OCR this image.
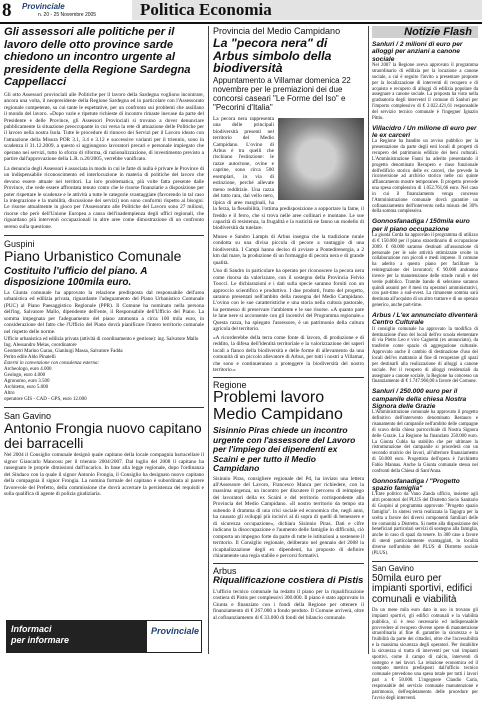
8 Provinciale
n. 20 - 25 Novembre 2005	Politica Economia
Gli assessori alle politiche per il lavoro delle otto province sarde chiedono un incontro urgente al presidente della Regione Sardegna Cappellacci
Gli otto Assessori provinciali alle Politiche per il lavoro della Sardegna vogliono incontrare, ancora una volta, il neopresidente della Regione Sardegna ed in particolare con l'Assessorato regionale competente, su cui tante le espettative, per un confronto sui problemi che assillano il mondo del lavoro. «Dopo varie e ripetute richieste di incontro rimaste inevase da parte del Presidente e delle Province, gli Assessori Provinciali si trovano a dover denunciare pubblicamente la situazione preoccupante in cui versa la rete di attuazione delle Politiche per il lavoro nella nostra Isola. Tutte le procedure di rinnovo dei Servizi per il Lavoro ideato con l'attuazione della Misura POR 3.1, 3.4 e 3.12 e successive varianti per il triennio, sono in scadenza il 31.12.2009, a questo si aggiungono lavoratori precari e personale impiegato che operano nei servizi, tutto lo sforzo di riforma, di razionalizzazione, di investimento previsto a partire dall'approvazione della L.R. n.20/2005, verrebbe vanificato.
La denuncia degli Assessori è associata in modo in cui le fatte di nulla è privare le Province di un indispensabile riconoscimento ed interlocuzione in materia di politiche del lavoro che devono essere attuate nei territori. La loro problematica, più volte fatta presente dalle Province, che vede essere affrontata tenuto conto che le risorse finanziarie a disposizione per poter rispettare le scadenze e le attività a tutte le categorie svantaggiate (favorendo in tal caso la integrazione e la mobilità, discussione dei servizi) non sono conformi rispetto ai bisogni. Le risorse attualmente in gioco per l'Assessorato alle Politiche del Lavoro sono 27 milioni, risorse che però dell'Unione Europea a causa dell'inadempienza degli uffici regionali, che riguardano più interventi occupazionali in altre aree come dimostrazione di un confronto sereno sulla questione.
Guspini
Piano Urbanistico Comunale
Costituito l'ufficio del piano. A disposizione 100mila euro.
La Giunta comunale ha approvato la relazione predisposta dal responsabile dell'area urbanistica ed edilizia privata, riguardante l'adeguamento del Piano Urbanistico Comunale (PUC) al Piano Paesaggistico Regionale (PPR). Il Comune ha nominato nella persona dell'ing. Salvatore Mallo, dipendente dell'ente, il Responsabile dell'Ufficio del Piano. La somma impegnata per l'adeguamento del piano ammonta a circa 100 mila euro, in considerazione del fatto che l'Ufficio del Piano dovrà pianificare l'intero territorio comunale nel rispetto delle norme.
Ufficio urbanistica ed edilizia privata (attività di coordinamento e gestione): ing. Salvatore Mallo
Ing. Alessandro Melas, coordinatore
Geometri Marino Garau, Gianluigi Massa, Salvatore Fadda
Perito edile Aldo Pinatelli
Esterni in convenzione con consulenza esterna:
Archeologo, euro 4.000
Geologo, euro 4.000
Agronomo, euro 3.500
Architetto, euro 5.000
Altro
operatore GIS - CAD - GPS, euro 12.000
San Gavino
Antonio Frongia nuovo capitano dei barracelli
Nel 2004 il Consiglio comunale designò quale capitano della locale compagnia barracellare il signor Giancarlo Mancosu per il triennio 2004/2007. Dal luglio del 2008 il capitano ha rassegnato le proprie dimissioni dall'incarico. In base alla legge regionale, dopo l'ordinanza del Sindaco con la quale il signor Antonio Frongia, il Consiglio ha designato nuovo capitano della compagnia il signor Frongia. La nomina formale del capitano è subordinata al parere favorevole del Prefetto, della commissione che dovrà accertare la persistenza dei requisiti e sulla qualifica di agente di polizia giudiziaria.
Informaci
per informare
Provinciale
Provincia del Medio Campidano
La "pecora nera" di Arbus simbolo della biodiversità
Appuntamento a Villamar domenica 22 novembre per le premiazioni dei due concorsi caseari "Le Forme del Iso" e "Pecorini d'Italia"
La pecora nera rappresenta una delle principali biodiversità presenti nel territorio del Medio Campidano. L'ovino di Arbus è tra quelli che rischiano l'estinzione: le razze autoctone, ovine e caprine, sono circa 500 esemplari, in via di estinzione, perché allevate meno redditizie. Una razza del tutto rara, dal vello nero, tipica di aree marginali, ha la ferza, la flessibilità, l'ottima predisposizione a sopportare la fame, il freddo e il ferro, che si trova nelle aree collinari e montane. Le sue capacità di resistenza, la frugalità e la rusticità ne fanno un modello di biodiversità da tutelare.
Museo e Sandro Lampis di Arbus insegna che la tradizione rurale condotta su una divisa piccola di pecore a vantaggio di una biodiversità. I Campi hanno deciso di avviare a Pontedirenergia, a 2 km dal mare, la produzione di un formaggio di pecora nera e di grande qualità.
Uno di Sandro in particolare ha operato per riconoscere la pecora nera come risorsa da valorizzare, con il sostegno della Provincia Felvio Toocci. Le dichiarazioni e i dati sulla specie saranno forniti con un approccio scientifico e produttivo. I due prodotti, frutto del progetto, saranno presentati nell'ambito della rassegna del Medio Campidano. L'ovino con le sue caratteristiche e una storia nella cultura pastorale, ha permesso di preservare l'ambiente e le sue risorse. «A quanto pare le lane nere si acconsente con gli incentivi del Programma regionale.» Questa razza, ha spiegato l'assessore, è un patrimonio della cultura agricola del territorio.
«A ricorderebbe della terra come fonte di lavoro, di produzione e di reddito, la difesa dell'identità territoriale e la valorizzazione dei saperi locali a fianco della biodiversità e delle forme di allevamento da una comunità di un piccolo allevatore di Arbus, per tutti i nostri a Villamar, che sono e continueranno a proteggere la biodiversità del nostro territorio.»
Regione
Problemi lavoro Medio Campidano
Sisinnio Piras chiede un incontro urgente con l'assessore del Lavoro per l'impiego dei dipendenti ex Scaini e per tutto il Medio Campidano
Sisinnio Piras, consigliere regionale del Pd, ha inviato una lettera all'Assessore del Lavoro, Francesco Manca per richiedere, con la massima urgenza, un incontro per discutere il percorso di reimpiego dei lavoratori della ex Scaini e del territorio corrispondente alla Provincia del Medio Campidano. «Il nostro territorio da tempo sta subendo il dramma di una crisi sociale ed economica che, negli anni, ha causato gli sviluppi più incisivi al di sopra di quelli di benessere e di sicurezza occupazione», dichiara Sisinnio Piras. Dati e cifre indicano la disoccupazione e l'aumento delle famiglie in difficoltà, ciò comporta un impegno forte da parte di tutte le istituzioni a sostenere il territorio. Il Consiglio regionale, deliberato nel gennaio del 2008 la ricapitalizzazione degli ex dipendenti, ha proposto di definire chiaramente una regia stabile e percorsi formativi.
Arbus
Riqualificazione costiera di Pistis
L'ufficio tecnico comunale ha redatto il piano per la riqualificazione costiera di Pistis per complessivi 300.000. Il piano è stato approvato in Giunta e finanziato con i fondi della Regione per ottenere il finanziamento di € 267.000 a fondo perduto. Il Comune arriverà, oltre al cofinanziamento di € 33.000 di fondi del bilancio comunale.
Notizie Flash
Sanluri / 2 milioni di euro per alloggi per anziani a canone sociale
Nel 2007 la Regione aveva approvato il programma straordinario di edilizia per la locazione a canone sociale, a cui è seguito l'invito a presentare proposte per la localizzazione di interventi di recupero e di acquisto e recupero di alloggi di edilizia popolare da assegnare a canone sociale. La proposta ha visto nella graduatoria degli interventi il comune di Sanluri per l'importo complessivo di € 2.022.421,61 responsabile del servizio tecnico comunale è l'ingegner Ignazio Pittiu.
Villacidro / Un milione di euro per le ex carceri
La Regione ha bandito un avviso pubblico per la presentazione da parte degli enti locali di progetti di recupero del patrimonio edilizio dei beni culturali. L'Amministrazione Fanni ha aderito presentando il progetto denominato Recupero e riuso funzionale dell'edificio storico delle ex carceri, che prevede la riconversione ad archivio storico nelle cui quinte affiancamento mostre temporanee. Il progetto prevede una spesa complessiva di 1.052.761,66 euro. Nel caso in cui il finanziamento venga concesso l'Amministrazione comunale dovrà garantire un cofinanziamento dell'intervento nella misura del 30% della somma complessiva.
Gonnosfanadiga / 150mila euro per il piano occupazione
La giunta Corda ha approvato il programma di utilizzo di € 150.000 per il piano straordinario di occupazione 2009. € 60.000 saranno destinati all'assunzione di personale per le sole attività ottimizzate svolte in collaborazione con piccoli e medi imprese. Il comune ha aderito a questo piano per facilitare la reintegrazione dei lavoratori; € 90.000 andranno invece per la manutenzione delle strade rurali e del verde pubblico. Tramite bando di selezione saranno quindi assunti per 8 mesi tra operatori amministrativi, con part-time a sud-ovest. La rimanente somma sarà destinata all'acquisto di un altro trattore e di un operaio generico, anche part-time.
Arbus / L'ex annunciato diventerà Centro Culturale
Il consiglio comunale ha approvato la modifica di destinazione d'uso dei locali dell'ex scuola elementare di via Pietro Leo e vico Cagnemi (ex annunciato), da trasferire come spazio di aggregazione culturale. Approvato anche il cambio di destinazione d'uso dei locali dell'ex mattatoio al fine di recuperare gli spazi per destinarli alla realizzazione di alloggi a canone sociale. Per il recupero di alloggi residenziali da assegnare a canone sociale, la Regione ha concesso un finanziamento di € 1.747.960,00 a favore del Comune.
Sanluri / 250.000 euro per il campanile della chiesa Nostra Signora delle Grazie
L'Amministrazione comunale ha approvato il progetto definitivo dell'intervento denominato Restauro e risanamento del campanile nell'ambito delle campagne di scavo della chiesa parrocchiale di Nostra Signora delle Grazie. La Regione ha finanziato 250.000 euro. La Giunta Cubla ha stabilito che per ultimare la ristrutturazione del campanile si procederà con un secondo stralcio dei lavori, all'ulteriore finanziamento di 50.000 euro. Progettista dell'opera è l'architetto Fabio Mannas. Anche la Giunta comunale stessa nei confronti della Chiesa di Sant'Anna.
Gonnosfanadiga / "Progetto spazio famiglia"
L'Ente politico da Vano Zanda ufficio, insieme agli altri promotori del PLUS del Distretto Socio Sanitario di Guspini al programma approvato "Progetto spazio famiglia". In sintesi verrà realizzata la Tagogra per la scelta a favore dei diversi componenti familiari delle tre comunità a Distretto. Si mette alla disposizione dei beneficiari particolari servizi di sostegno alla famiglia, anche in caso di spazi da tenere. In 300 case a favore di utenti particolarmente svantaggiati, in località diverse nell'ambito del PLUS di Distretto sociale (PLUS).
San Gavino
50mila euro per impianti sportivi, edifici comunali e viabilità
Da un mese mila euro dato in uso in trovano gli impianti sportivi, gli edifici comunali e la viabilità pubblica, si è reso necessario ed indispensabile provvedere al recupero diverse opere di manutenzione straordinaria al fine di garantire la sicurezza e la fruibilità da parte dei cittadini, oltre che l'accessibilità e la massima sicurezza degli operatori. Per ristabilire la sicurezza si tratta di interventi per vari impianti sportivi, come il campo di calcio, interventi di sostegno e nei lavori. La relazione economica ed il computo metrico predisposti dall'ufficio tecnico comunale prevedono una spesa totale per tutti i lavori pari a € 50.000. L'ingegnere Claudio Caria, responsabile del servizio comunale manutenzione e patrimonio, dell'espletamento delle procedure per l'avvio degli interventi.
